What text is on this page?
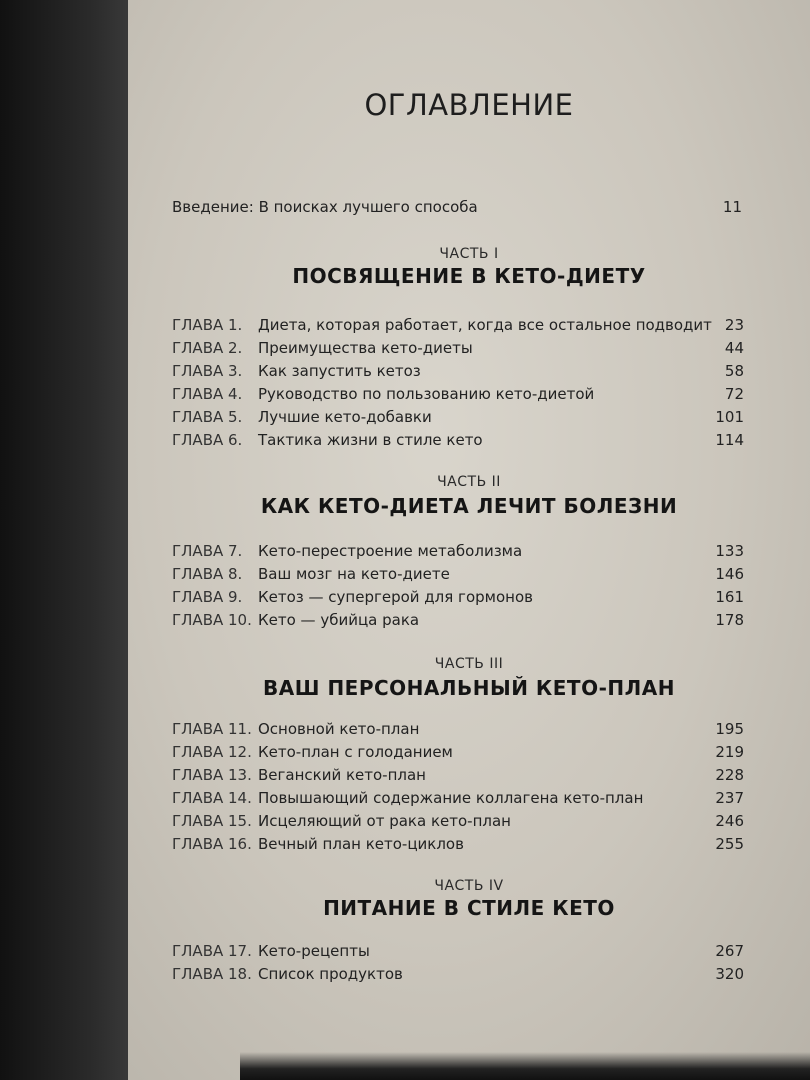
ОГЛАВЛЕНИЕ
Введение: В поисках лучшего способа	11
ЧАСТЬ I
ПОСВЯЩЕНИЕ В КЕТО-ДИЕТУ
ГЛАВА 1. Диета, которая работает, когда все остальное подводит 23
ГЛАВА 2. Преимущества кето-диеты	44
ГЛАВА 3. Как запустить кетоз	58
ГЛАВА 4. Руководство по пользованию кето-диетой	72
ГЛАВА 5. Лучшие кето-добавки	101
ГЛАВА 6. Тактика жизни в стиле кето	114
ЧАСТЬ II
КАК КЕТО-ДИЕТА ЛЕЧИТ БОЛЕЗНИ
ГЛАВА 7. Кето-перестроение метаболизма	133
ГЛАВА 8. Ваш мозг на кето-диете	146
ГЛАВА 9. Кетоз — супергерой для гормонов	161
ГЛАВА 10. Кето — убийца рака	178
ЧАСТЬ III
ВАШ ПЕРСОНАЛЬНЫЙ КЕТО-ПЛАН
ГЛАВА 11. Основной кето-план	195
ГЛАВА 12. Кето-план с голоданием	219
ГЛАВА 13. Веганский кето-план	228
ГЛАВА 14. Повышающий содержание коллагена кето-план	237
ГЛАВА 15. Исцеляющий от рака кето-план	246
ГЛАВА 16. Вечный план кето-циклов	255
ЧАСТЬ IV
ПИТАНИЕ В СТИЛЕ КЕТО
ГЛАВА 17. Кето-рецепты	267
ГЛАВА 18. Список продуктов	320
